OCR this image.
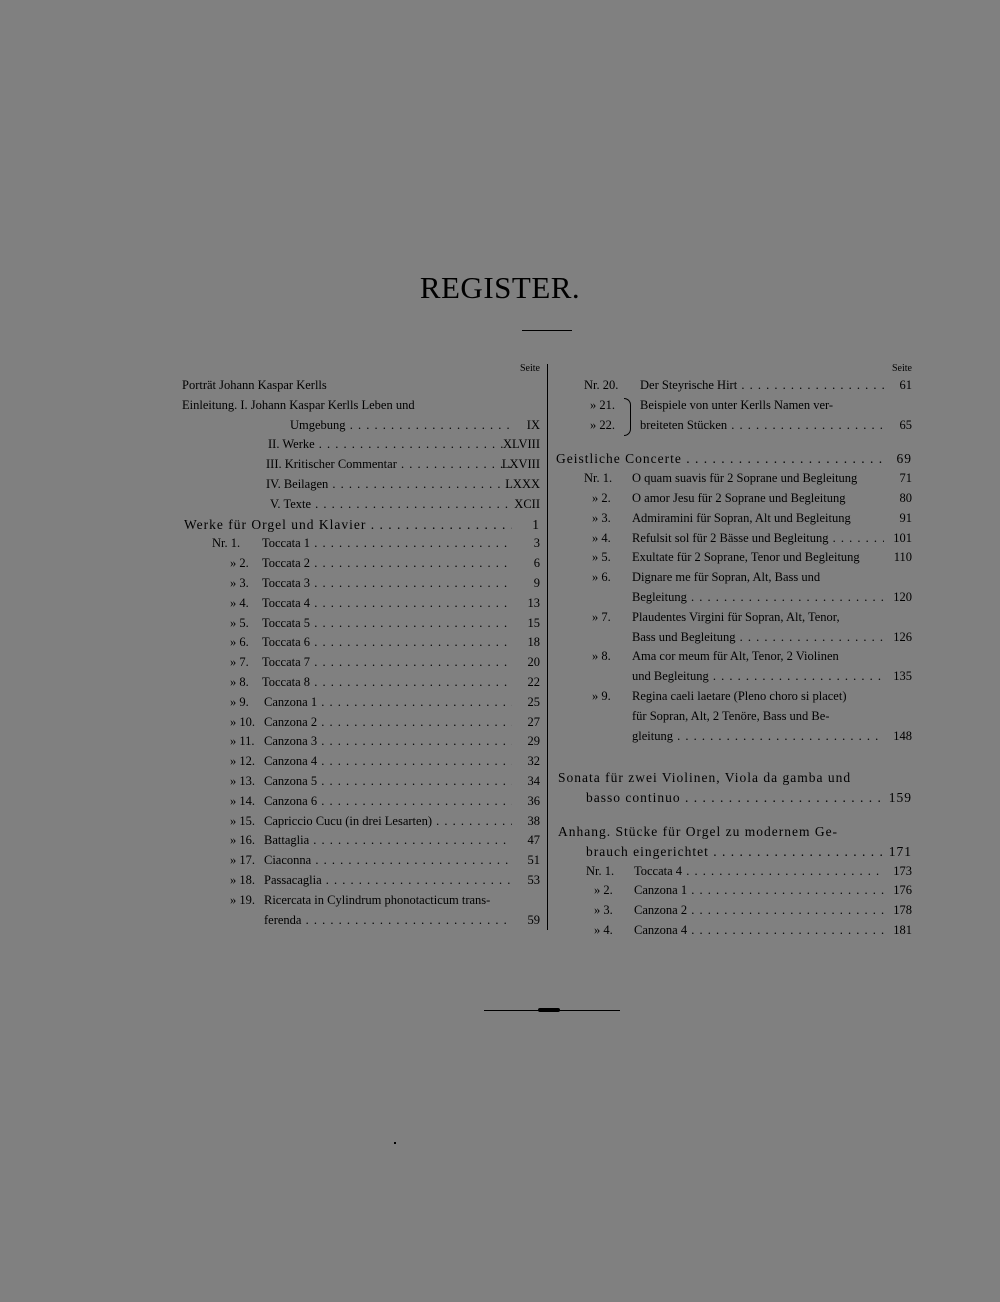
REGISTER.
Seite
Porträt Johann Kaspar Kerlls
Einleitung. I. Johann Kaspar Kerlls Leben und
Umgebung . . .	IX
II. Werke . . .	XLVIII
III. Kritischer Commentar . . .	LXVIII
IV. Beilagen . . .	LXXX
V. Texte . . .	XCII
Werke für Orgel und Klavier . . .	1
Nr. 1. Toccata 1 . . .	3
» 2. Toccata 2 . . .	6
» 3. Toccata 3 . . .	9
» 4. Toccata 4 . . .	13
» 5. Toccata 5 . . .	15
» 6. Toccata 6 . . .	18
» 7. Toccata 7 . . .	20
» 8. Toccata 8 . . .	22
» 9. Canzona 1 . . .	25
» 10. Canzona 2 . . .	27
» 11. Canzona 3 . . .	29
» 12. Canzona 4 . . .	32
» 13. Canzona 5 . . .	34
» 14. Canzona 6 . . .	36
» 15. Capriccio Cucu (in drei Lesarten) . . .	38
» 16. Battaglia . . .	47
» 17. Ciaconna . . .	51
» 18. Passacaglia . . .	53
» 19. Ricercata in Cylindrum phonotacticum trans-
ferenda . . .	59
Seite
Nr. 20. Der Steyrische Hirt . . .	61
» 21. Beispiele von unter Kerlls Namen ver-
» 22. breiteten Stücken . . .	65
Geistliche Concerte . . .	69
Nr. 1. O quam suavis für 2 Soprane und Begleitung	71
» 2. O amor Jesu für 2 Soprane und Begleitung	80
» 3. Admiramini für Sopran, Alt und Begleitung	91
» 4. Refulsit sol für 2 Bässe und Begleitung . . .	101
» 5. Exultate für 2 Soprane, Tenor und Begleitung	110
» 6. Dignare me für Sopran, Alt, Bass und
Begleitung . . .	120
» 7. Plaudentes Virgini für Sopran, Alt, Tenor,
Bass und Begleitung . . .	126
» 8. Ama cor meum für Alt, Tenor, 2 Violinen
und Begleitung . . .	135
» 9. Regina caeli laetare (Pleno choro si placet)
für Sopran, Alt, 2 Tenöre, Bass und Be-
gleitung . . .	148
Sonata für zwei Violinen, Viola da gamba und
basso continuo . . .	159
Anhang. Stücke für Orgel zu modernem Ge-
brauch eingerichtet . . .	171
Nr. 1. Toccata 4 . . .	173
» 2. Canzona 1 . . .	176
» 3. Canzona 2 . . .	178
» 4. Canzona 4 . . .	181
